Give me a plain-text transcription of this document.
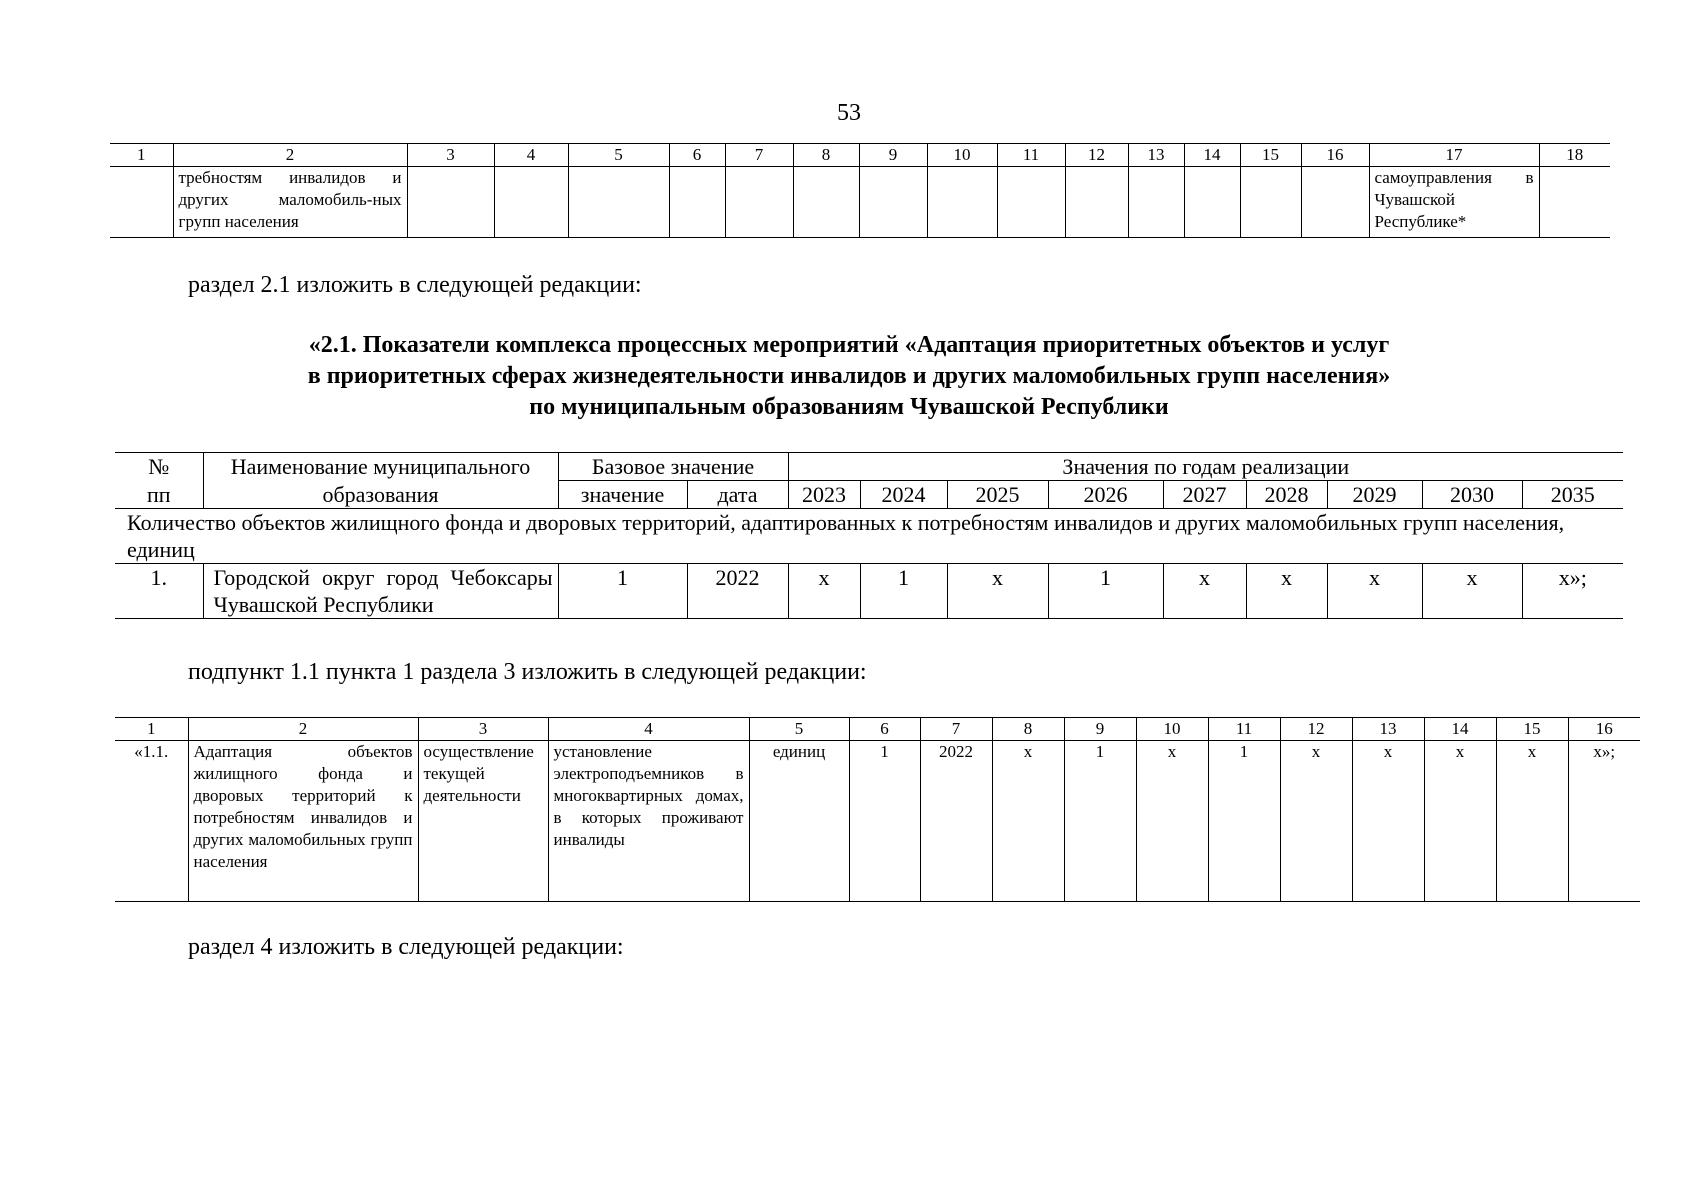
53
1	2	3	4	5	6	7	8	9	10	11	12	13	14	15	16	17	18
	требностям инвалидов и других маломобиль-ных групп населения															самоуправления в Чувашской Республике*	
раздел 2.1 изложить в следующей редакции:
«2.1. Показатели комплекса процессных мероприятий «Адаптация приоритетных объектов и услуг
в приоритетных сферах жизнедеятельности инвалидов и других маломобильных групп населения»
по муниципальным образованиям Чувашской Республики
№	Наименование муниципального	Базовое значение		Значения по годам реализации								
пп	образования	значение	дата	2023	2024	2025	2026	2027	2028	2029	2030	2035
Количество объектов жилищного фонда и дворовых территорий, адаптированных к потребностям инвалидов и других маломобильных групп населения, единиц												
1.	Городской округ город Чебоксары Чувашской Республики	1	2022	х	1	х	1	х	х	х	х	х»;
подпункт 1.1 пункта 1 раздела 3 изложить в следующей редакции:
1	2	3	4	5	6	7	8	9	10	11	12	13	14	15	16
«1.1.	Адаптация объектов жилищного фонда и дворовых территорий к потребностям инвалидов и других маломобильных групп населения	осуществление текущей деятельности	установление электроподъемников в многоквартирных домах, в которых проживают инвалиды	единиц	1	2022	х	1	х	1	х	х	х	х	х»;
раздел 4 изложить в следующей редакции:
